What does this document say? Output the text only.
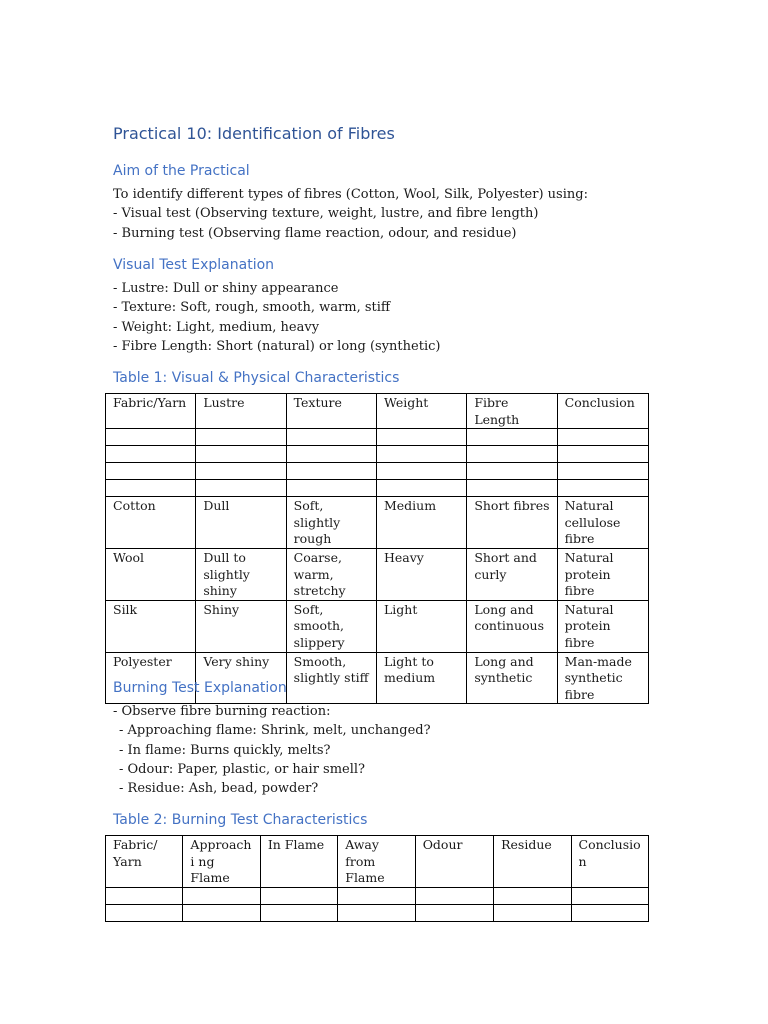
Practical 10: Identification of Fibres
Aim of the Practical
To identify different types of fibres (Cotton, Wool, Silk, Polyester) using:
- Visual test (Observing texture, weight, lustre, and fibre length)
- Burning test (Observing flame reaction, odour, and residue)
Visual Test Explanation
- Lustre: Dull or shiny appearance
- Texture: Soft, rough, smooth, warm, stiff
- Weight: Light, medium, heavy
- Fibre Length: Short (natural) or long (synthetic)
Table 1: Visual & Physical Characteristics
Fabric/Yarn	Lustre	Texture	Weight	Fibre Length	Conclusion

Cotton	Dull	Soft, slightly rough	Medium	Short fibres	Natural cellulose fibre
Wool	Dull to slightly shiny	Coarse, warm, stretchy	Heavy	Short and curly	Natural protein fibre
Silk	Shiny	Soft, smooth, slippery	Light	Long and continuous	Natural protein fibre
Polyester	Very shiny	Smooth, slightly stiff	Light to medium	Long and synthetic	Man-made synthetic fibre
Burning Test Explanation
- Observe fibre burning reaction:
- Approaching flame: Shrink, melt, unchanged?
- In flame: Burns quickly, melts?
- Odour: Paper, plastic, or hair smell?
- Residue: Ash, bead, powder?
Table 2: Burning Test Characteristics
Fabric/ Yarn	Approachi ng Flame	In Flame	Away from Flame	Odour	Residue	Conclusio n
